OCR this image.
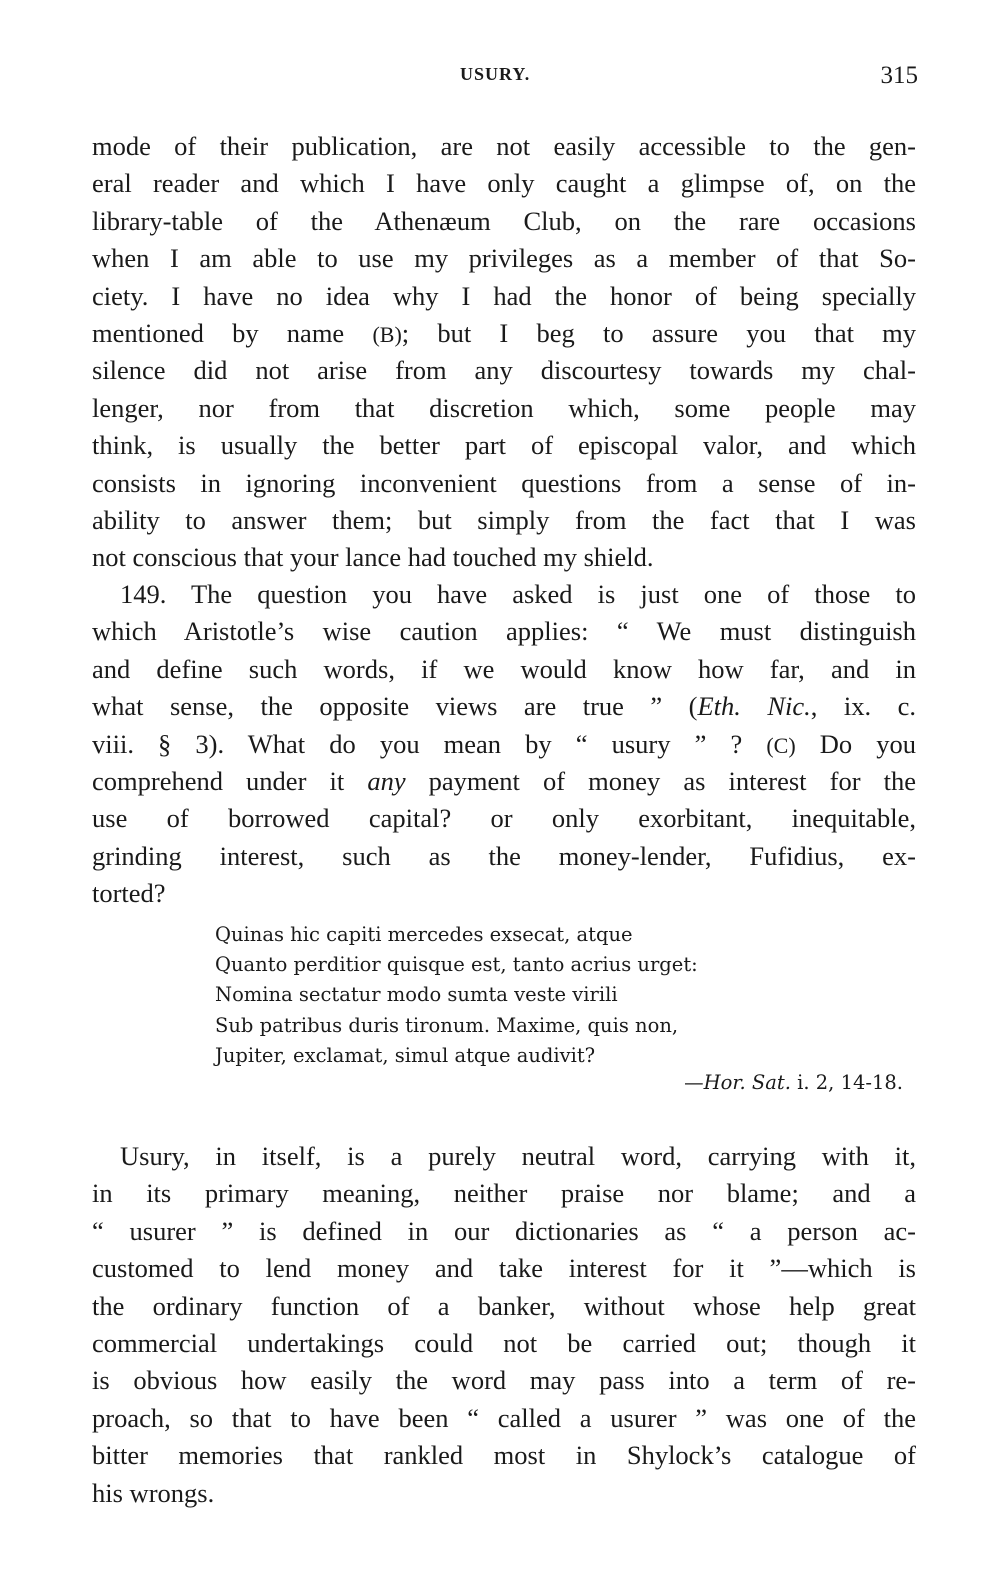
USURY.	315
mode of their publication, are not easily accessible to the gen-
eral reader and which I have only caught a glimpse of, on the
library-table of the Athenæum Club, on the rare occasions
when I am able to use my privileges as a member of that So-
ciety. I have no idea why I had the honor of being specially
mentioned by name (B); but I beg to assure you that my
silence did not arise from any discourtesy towards my chal-
lenger, nor from that discretion which, some people may
think, is usually the better part of episcopal valor, and which
consists in ignoring inconvenient questions from a sense of in-
ability to answer them; but simply from the fact that I was
not conscious that your lance had touched my shield.
149. The question you have asked is just one of those to
which Aristotle’s wise caution applies: “ We must distinguish
and define such words, if we would know how far, and in
what sense, the opposite views are true ” (Eth. Nic., ix. c.
viii. § 3). What do you mean by “ usury ” ? (C) Do you
comprehend under it any payment of money as interest for the
use of borrowed capital? or only exorbitant, inequitable,
grinding interest, such as the money-lender, Fufidius, ex-
torted?
Quinas hic capiti mercedes exsecat, atque
Quanto perditior quisque est, tanto acrius urget:
Nomina sectatur modo sumta veste virili
Sub patribus duris tironum. Maxime, quis non,
Jupiter, exclamat, simul atque audivit?
—Hor. Sat. i. 2, 14-18.
Usury, in itself, is a purely neutral word, carrying with it,
in its primary meaning, neither praise nor blame; and a
“ usurer ” is defined in our dictionaries as “ a person ac-
customed to lend money and take interest for it ”—which is
the ordinary function of a banker, without whose help great
commercial undertakings could not be carried out; though it
is obvious how easily the word may pass into a term of re-
proach, so that to have been “ called a usurer ” was one of the
bitter memories that rankled most in Shylock’s catalogue of
his wrongs.
